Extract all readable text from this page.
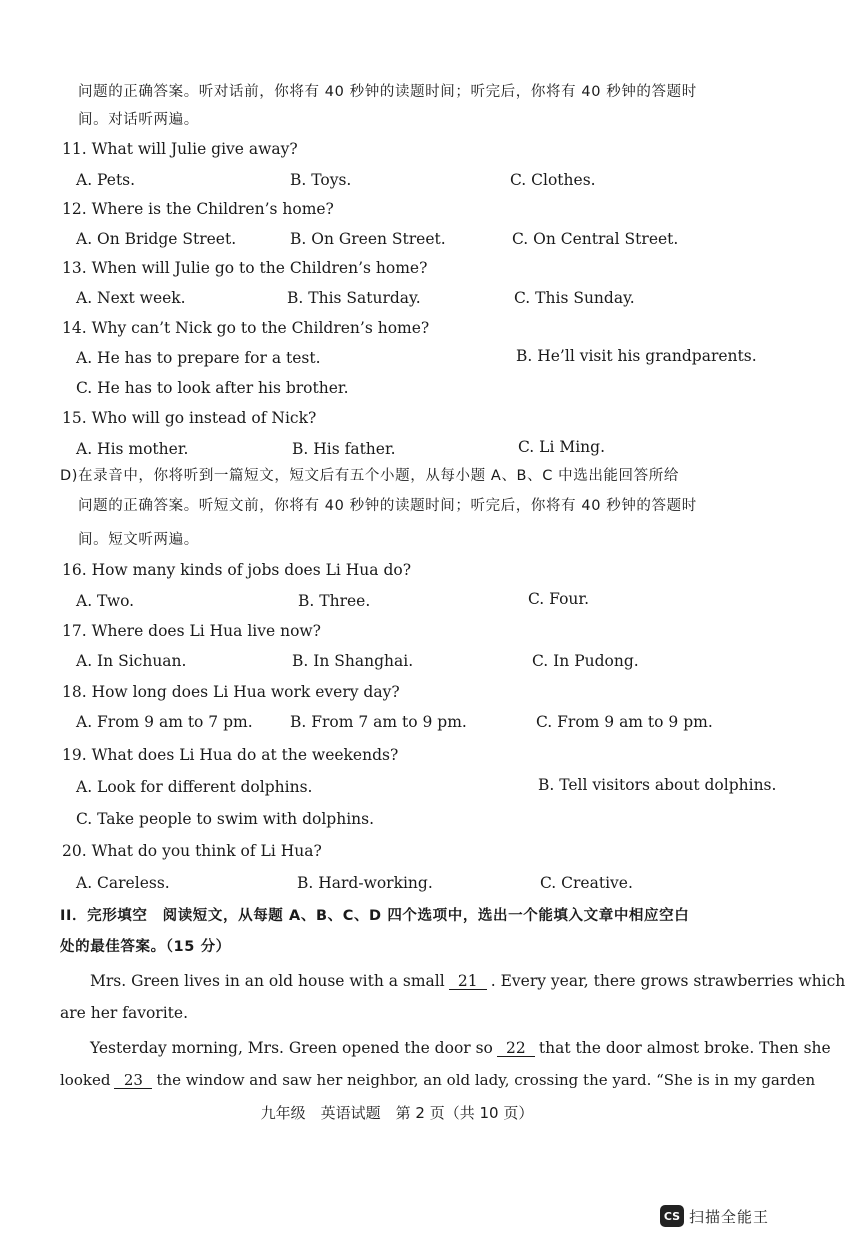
问题的正确答案。听对话前，你将有 40 秒钟的读题时间；听完后，你将有 40 秒钟的答题时
间。对话听两遍。
11. What will Julie give away?
A. Pets.	B. Toys.	C. Clothes.
12. Where is the Children’s home?
A. On Bridge Street.	B. On Green Street.	C. On Central Street.
13. When will Julie go to the Children’s home?
A. Next week.	B. This Saturday.	C. This Sunday.
14. Why can’t Nick go to the Children’s home?
A. He has to prepare for a test.	B. He’ll visit his grandparents.
C. He has to look after his brother.
15. Who will go instead of Nick?
A. His mother.	B. His father.	C. Li Ming.
D)在录音中，你将听到一篇短文，短文后有五个小题，从每小题 A、B、C 中选出能回答所给
问题的正确答案。听短文前，你将有 40 秒钟的读题时间；听完后，你将有 40 秒钟的答题时
间。短文听两遍。
16. How many kinds of jobs does Li Hua do?
A. Two.	B. Three.	C. Four.
17. Where does Li Hua live now?
A. In Sichuan.	B. In Shanghai.	C. In Pudong.
18. How long does Li Hua work every day?
A. From 9 am to 7 pm. B. From 7 am to 9 pm.	C. From 9 am to 9 pm.
19. What does Li Hua do at the weekends?
A. Look for different dolphins.	B. Tell visitors about dolphins.
C. Take people to swim with dolphins.
20. What do you think of Li Hua?
A. Careless.	B. Hard-working.	C. Creative.
II．完形填空　阅读短文，从每题 A、B、C、D 四个选项中，选出一个能填入文章中相应空白
处的最佳答案。（15 分）
Mrs. Green lives in an old house with a small 21 . Every year, there grows strawberries which
are her favorite.
Yesterday morning, Mrs. Green opened the door so 22 that the door almost broke. Then she
looked 23 the window and saw her neighbor, an old lady, crossing the yard. “She is in my garden
九年级　英语试题　第 2 页（共 10 页）
CS 扫描全能王
